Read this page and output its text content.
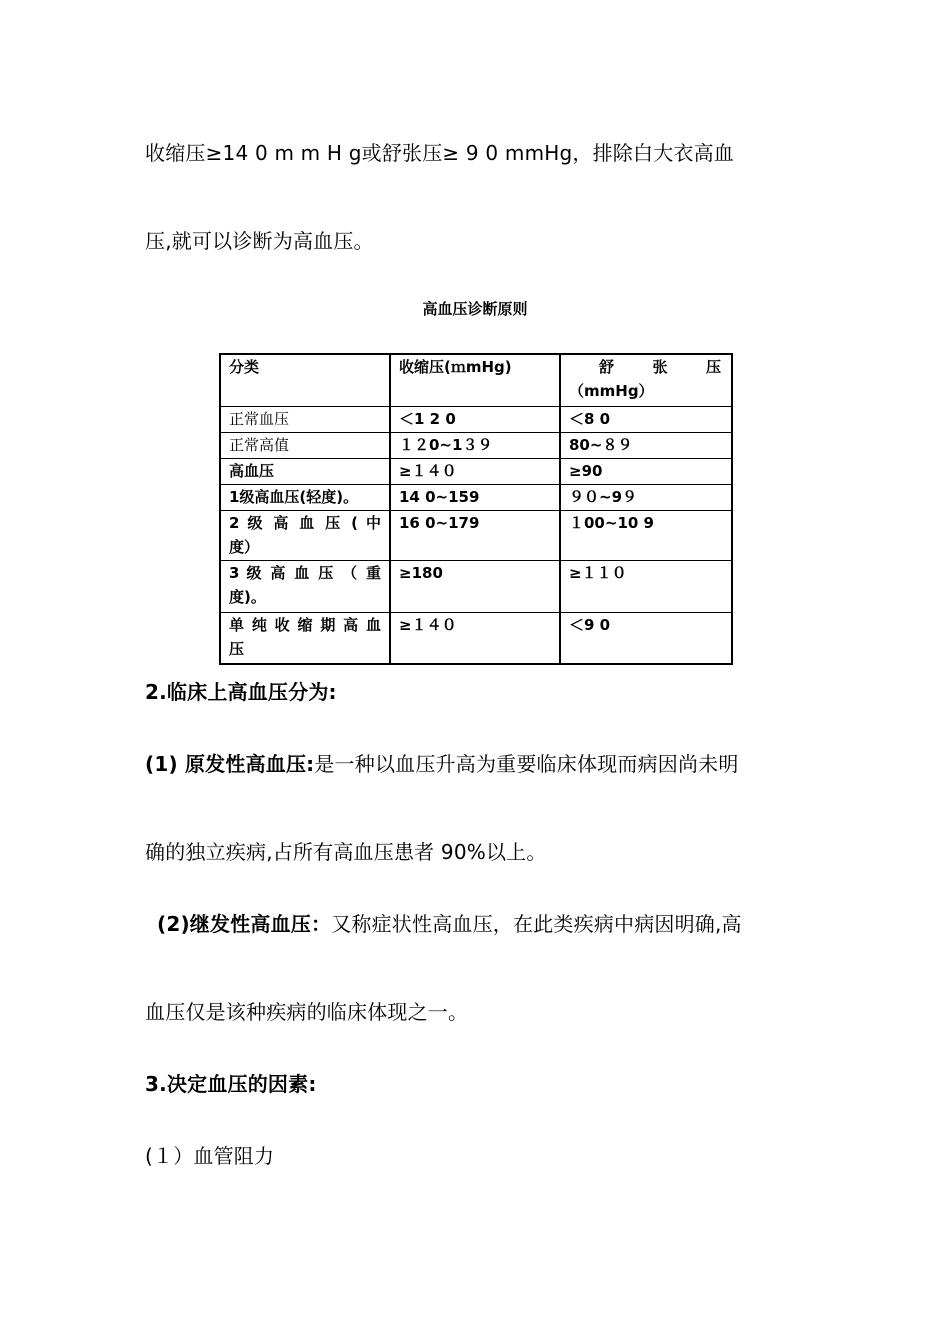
收缩压≥14 0 m m H g或舒张压≥ 9 0 mmHg，排除白大衣高血
压,就可以诊断为高血压。
高血压诊断原则
分类	收缩压(ｍmHg)	舒 张 压
（mmHg）

正常血压	＜1 2 0	＜8 0
正常高值	１２0~1３９	80~８９
高血压	≥１４０	≥90
1级高血压(轻度)。	14 0~159	９０~9９

2 级 高 血 压 ( 中
度）	16 0~179	１00~10 9

3 级 高 血 压 （ 重
度)。	≥180	≥１１０

单纯收缩期高血
压	≥１４０	＜9 0
2.临床上高血压分为:
(1) 原发性高血压:是一种以血压升高为重要临床体现而病因尚未明
确的独立疾病,占所有高血压患者 90%以上。
(2)继发性高血压：又称症状性高血压，在此类疾病中病因明确,高
血压仅是该种疾病的临床体现之一。
3.决定血压的因素:
(１）血管阻力
